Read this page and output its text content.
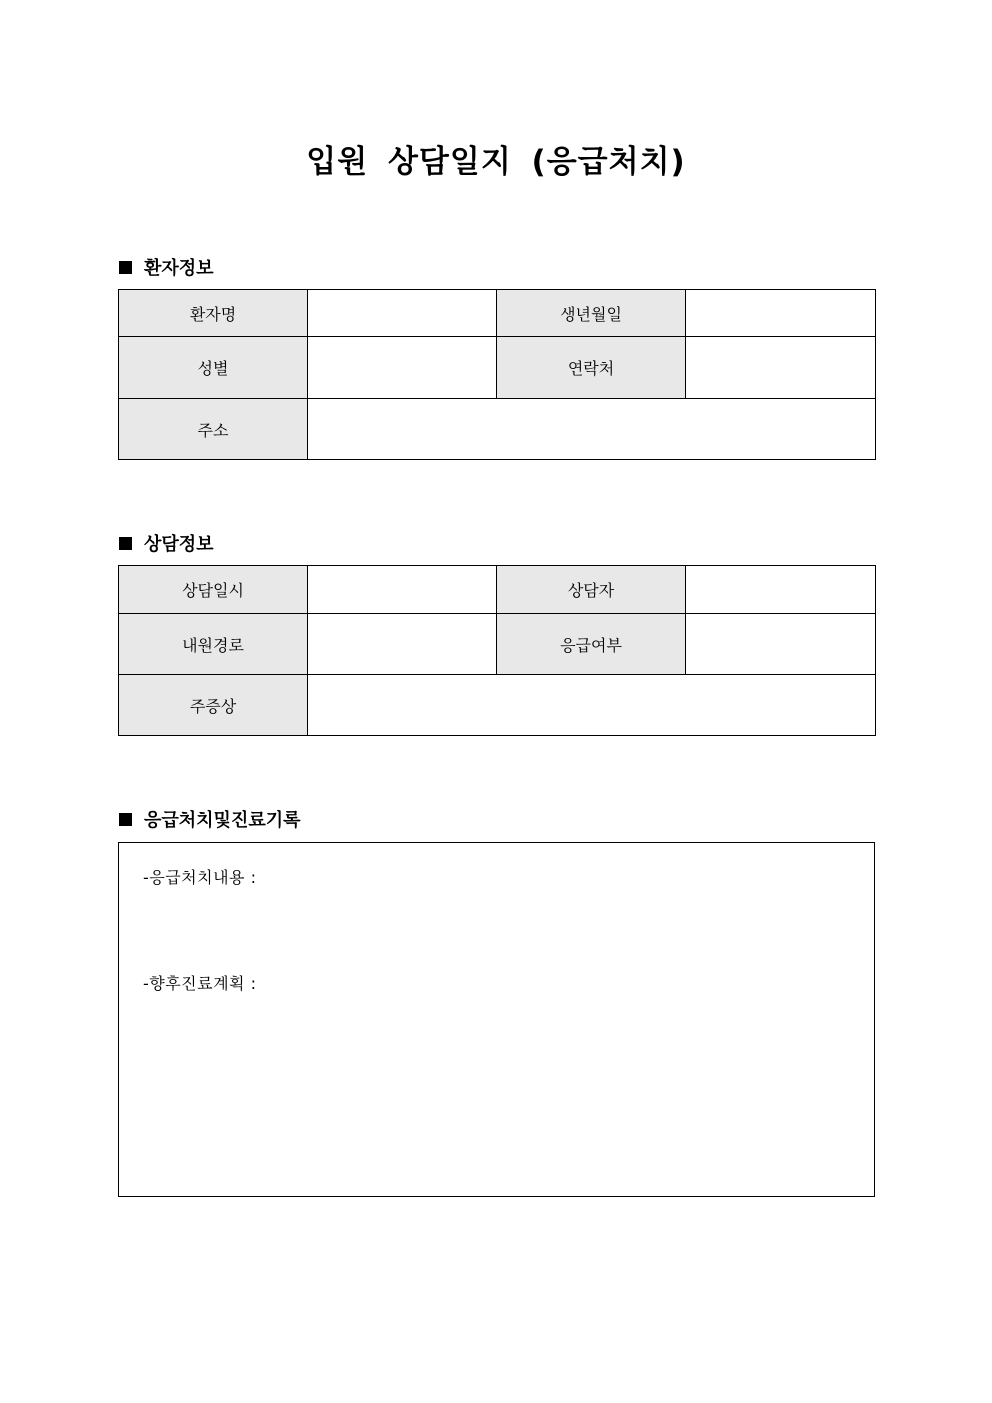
입원 상담일지 (응급처치)
환자정보
환자명		생년월일	
성별		연락처	
주소			
상담정보
상담일시		상담자	
내원경로		응급여부	
주증상			
응급처치및진료기록
-응급처치내용 :
-향후진료계획 :
